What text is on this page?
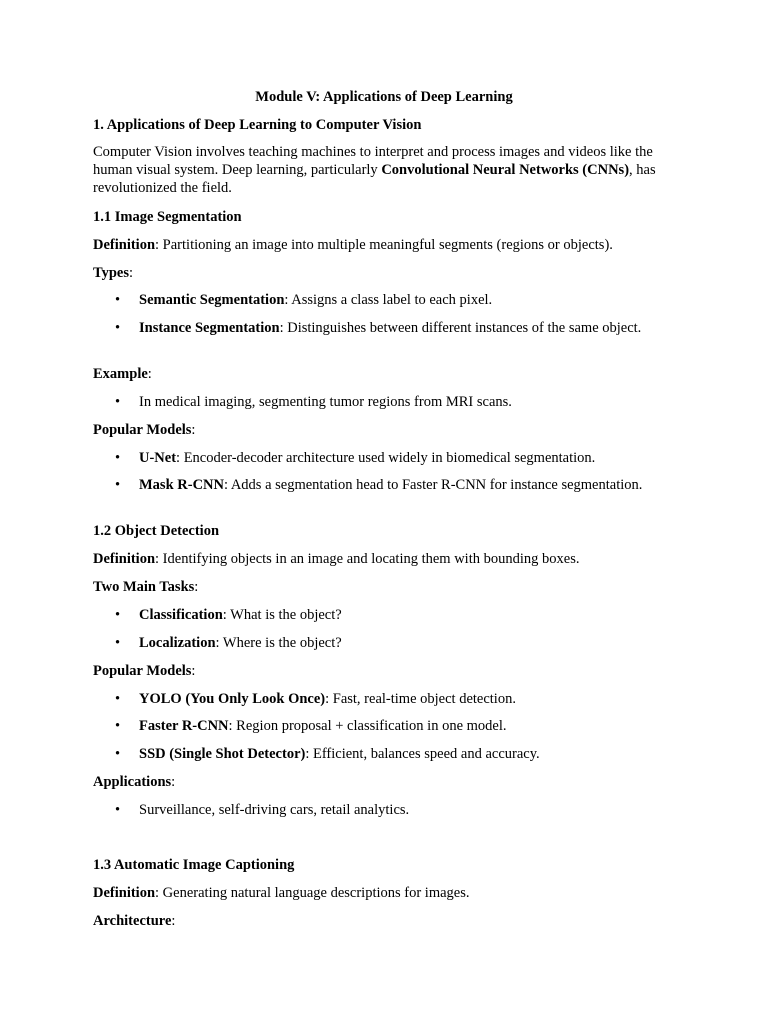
Module V: Applications of Deep Learning
1. Applications of Deep Learning to Computer Vision
Computer Vision involves teaching machines to interpret and process images and videos like the human visual system. Deep learning, particularly Convolutional Neural Networks (CNNs), has revolutionized the field.
1.1 Image Segmentation
Definition: Partitioning an image into multiple meaningful segments (regions or objects).
Types:
•	Semantic Segmentation: Assigns a class label to each pixel.
•	Instance Segmentation: Distinguishes between different instances of the same object.
Example:
•	In medical imaging, segmenting tumor regions from MRI scans.
Popular Models:
•	U-Net: Encoder-decoder architecture used widely in biomedical segmentation.
•	Mask R-CNN: Adds a segmentation head to Faster R-CNN for instance segmentation.
1.2 Object Detection
Definition: Identifying objects in an image and locating them with bounding boxes.
Two Main Tasks:
•	Classification: What is the object?
•	Localization: Where is the object?
Popular Models:
•	YOLO (You Only Look Once): Fast, real-time object detection.
•	Faster R-CNN: Region proposal + classification in one model.
•	SSD (Single Shot Detector): Efficient, balances speed and accuracy.
Applications:
•	Surveillance, self-driving cars, retail analytics.
1.3 Automatic Image Captioning
Definition: Generating natural language descriptions for images.
Architecture:
